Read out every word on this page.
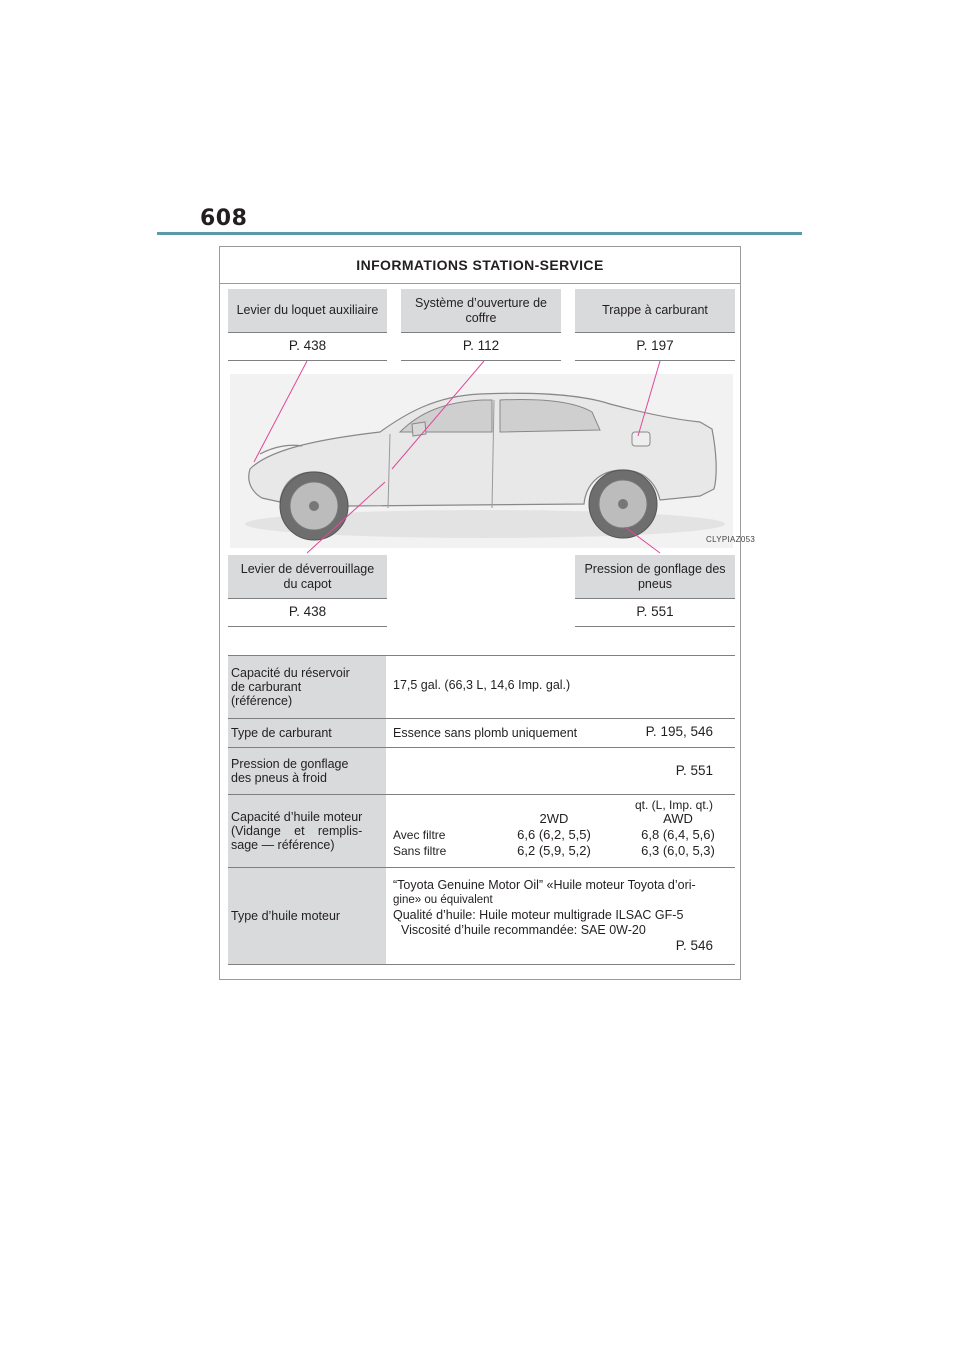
608
INFORMATIONS STATION-SERVICE
Levier du loquet auxiliaire
P. 438
Système d’ouverture de coffre
P. 112
Trappe à carburant
P. 197
CLYPIAZ053
Levier de déverrouillage du capot
P. 438
Pression de gonflage des pneus
P. 551
Capacité du réservoir
de carburant
(référence)
17,5 gal. (66,3 L, 14,6 Imp. gal.)
Type de carburant	Essence sans plomb uniquement	P. 195, 546
Pression de gonflage
des pneus à froid	P. 551
Capacité d’huile moteur
(Vidange et remplis-
sage — référence)
qt. (L, Imp. qt.)
2WD	AWD
Avec filtre	6,6 (6,2, 5,5)	6,8 (6,4, 5,6)
Sans filtre	6,2 (5,9, 5,2)	6,3 (6,0, 5,3)
Type d’huile moteur
“Toyota Genuine Motor Oil” «Huile moteur Toyota d’ori-
gine» ou équivalent
Qualité d’huile: Huile moteur multigrade ILSAC GF-5
Viscosité d’huile recommandée: SAE 0W-20
P. 546
